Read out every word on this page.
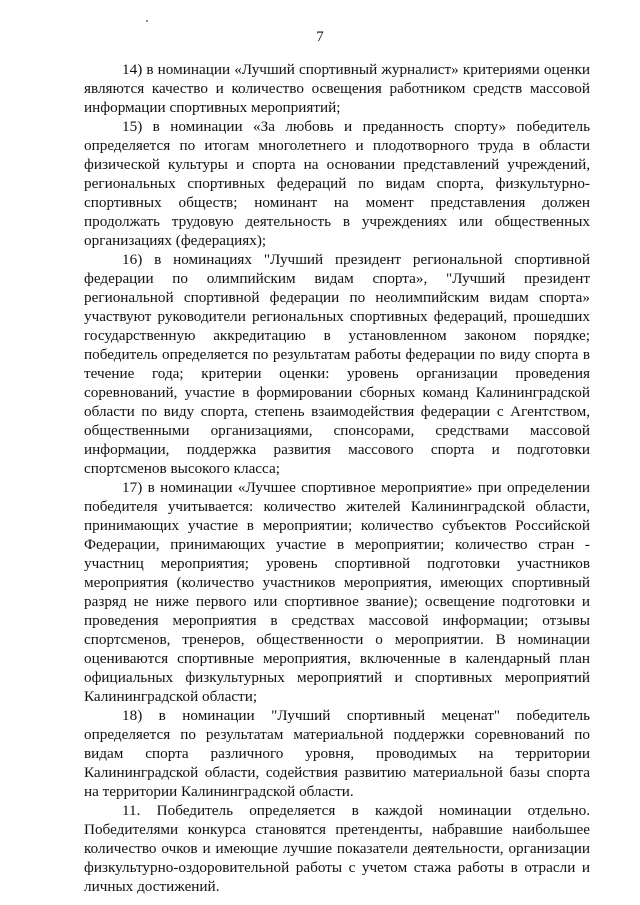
7

14) в номинации «Лучший спортивный журналист» критериями оценки являются качество и количество освещения работником средств массовой информации спортивных мероприятий;

15) в номинации «За любовь и преданность спорту» победитель определяется по итогам многолетнего и плодотворного труда в области физической культуры и спорта на основании представлений учреждений, региональных спортивных федераций по видам спорта, физкультурно-спортивных обществ; номинант на момент представления должен продолжать трудовую деятельность в учреждениях или общественных организациях (федерациях);

16) в номинациях "Лучший президент региональной спортивной федерации по олимпийским видам спорта», "Лучший президент региональной спортивной федерации по неолимпийским видам спорта» участвуют руководители региональных спортивных федераций, прошедших государственную аккредитацию в установленном законом порядке; победитель определяется по результатам работы федерации по виду спорта в течение года; критерии оценки: уровень организации проведения соревнований, участие в формировании сборных команд Калининградской области по виду спорта, степень взаимодействия федерации с Агентством, общественными организациями, спонсорами, средствами массовой информации, поддержка развития массового спорта и подготовки спортсменов высокого класса;

17) в номинации «Лучшее спортивное мероприятие» при определении победителя учитывается: количество жителей Калининградской области, принимающих участие в мероприятии; количество субъектов Российской Федерации, принимающих участие в мероприятии; количество стран - участниц мероприятия; уровень спортивной подготовки участников мероприятия (количество участников мероприятия, имеющих спортивный разряд не ниже первого или спортивное звание); освещение подготовки и проведения мероприятия в средствах массовой информации; отзывы спортсменов, тренеров, общественности о мероприятии. В номинации оцениваются спортивные мероприятия, включенные в календарный план официальных физкультурных мероприятий и спортивных мероприятий Калининградской области;

18) в номинации "Лучший спортивный меценат" победитель определяется по результатам материальной поддержки соревнований по видам спорта различного уровня, проводимых на территории Калининградской области, содействия развитию материальной базы спорта на территории Калининградской области.

11. Победитель определяется в каждой номинации отдельно. Победителями конкурса становятся претенденты, набравшие наибольшее количество очков и имеющие лучшие показатели деятельности, организации физкультурно-оздоровительной работы с учетом стажа работы в отрасли и личных достижений.
